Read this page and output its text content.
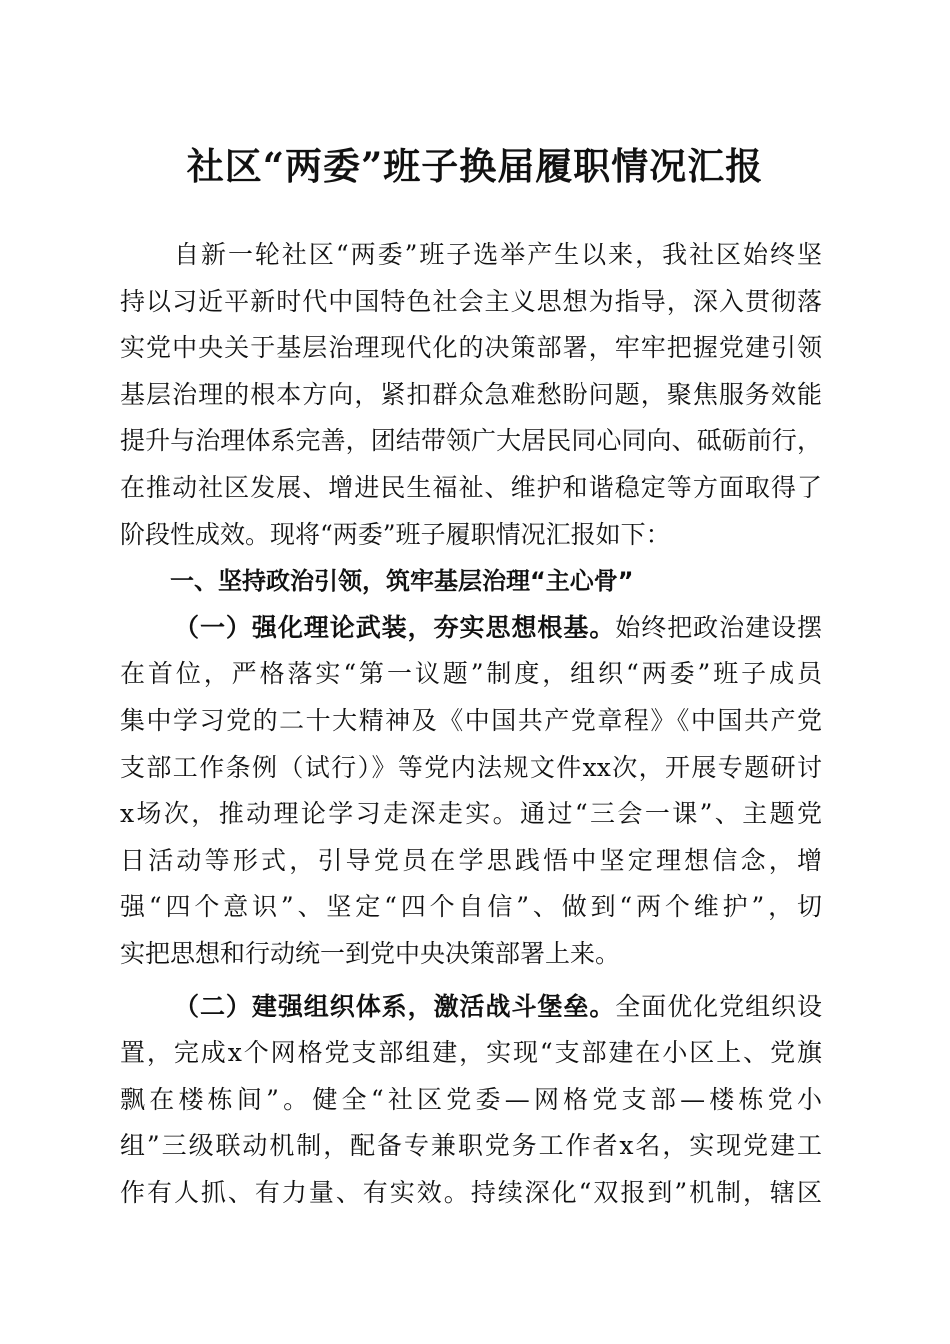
社区“两委”班子换届履职情况汇报
自新一轮社区“两委”班子选举产生以来，我社区始终坚
持以习近平新时代中国特色社会主义思想为指导，深入贯彻落
实党中央关于基层治理现代化的决策部署，牢牢把握党建引领
基层治理的根本方向，紧扣群众急难愁盼问题，聚焦服务效能
提升与治理体系完善，团结带领广大居民同心同向、砥砺前行，
在推动社区发展、增进民生福祉、维护和谐稳定等方面取得了
阶段性成效。现将“两委”班子履职情况汇报如下：
一、坚持政治引领，筑牢基层治理“主心骨”
（一）强化理论武装，夯实思想根基。始终把政治建设摆
在首位，严格落实“第一议题”制度，组织“两委”班子成员
集中学习党的二十大精神及《中国共产党章程》《中国共产党
支部工作条例（试行）》等党内法规文件xx次，开展专题研讨
x场次，推动理论学习走深走实。通过“三会一课”、主题党
日活动等形式，引导党员在学思践悟中坚定理想信念，增
强“四个意识”、坚定“四个自信”、做到“两个维护”，切
实把思想和行动统一到党中央决策部署上来。
（二）建强组织体系，激活战斗堡垒。全面优化党组织设
置，完成x个网格党支部组建，实现“支部建在小区上、党旗
飘在楼栋间”。健全“社区党委—网格党支部—楼栋党小
组”三级联动机制，配备专兼职党务工作者x名，实现党建工
作有人抓、有力量、有实效。持续深化“双报到”机制，辖区
